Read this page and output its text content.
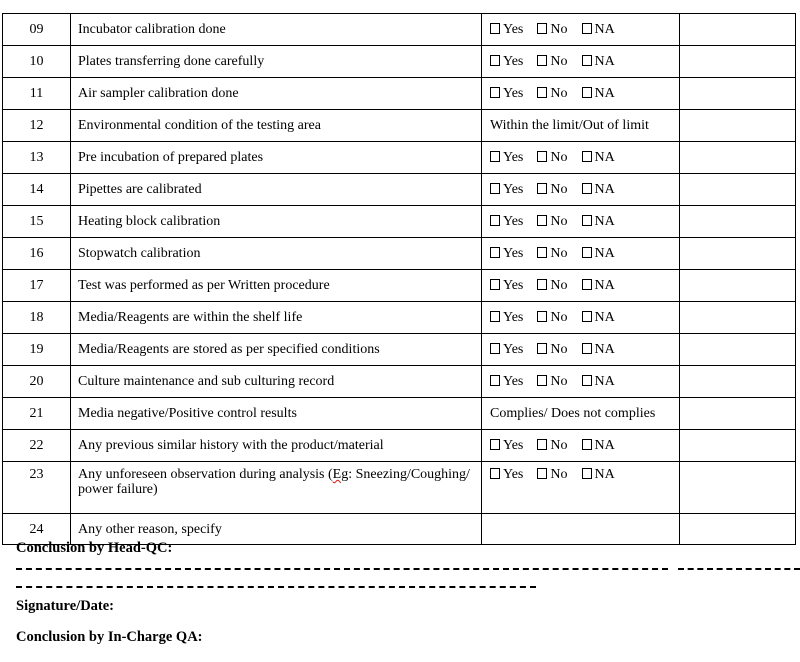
09	Incubator calibration done	Yes No NA	
10	Plates transferring done carefully	Yes No NA	
11	Air sampler calibration done	Yes No NA	
12	Environmental condition of the testing area	Within the limit/Out of limit	
13	Pre incubation of prepared plates	Yes No NA	
14	Pipettes are calibrated	Yes No NA	
15	Heating block calibration	Yes No NA	
16	Stopwatch calibration	Yes No NA	
17	Test was performed as per Written procedure	Yes No NA	
18	Media/Reagents are within the shelf life	Yes No NA	
19	Media/Reagents are stored as per specified conditions	Yes No NA	
20	Culture maintenance and sub culturing record	Yes No NA	
21	Media negative/Positive control results	Complies/ Does not complies	
22	Any previous similar history with the product/material	Yes No NA	
23	Any unforeseen observation during analysis (Eg: Sneezing/Coughing/ power failure)	Yes No NA	
24	Any other reason, specify		
Conclusion by Head-QC:
Signature/Date:
Conclusion by In-Charge QA:
